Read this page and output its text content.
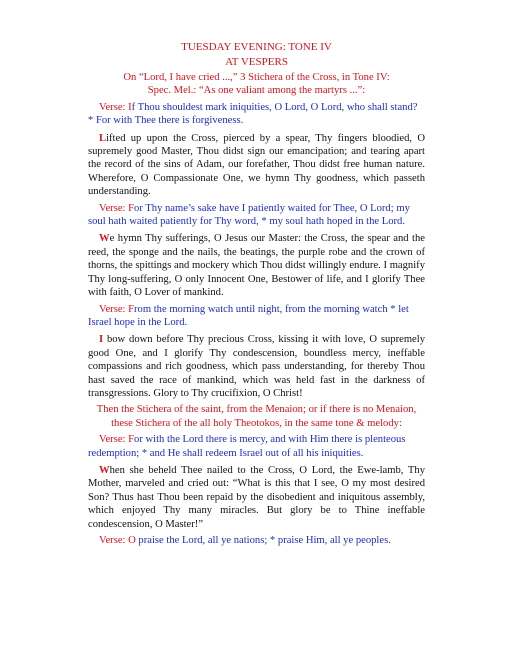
TUESDAY EVENING: TONE IV

AT VESPERS

On “Lord, I have cried ...,” 3 Stichera of the Cross, in Tone IV:

Spec. Mel.: “As one valiant among the martyrs ...”:

Verse: If Thou shouldest mark iniquities, O Lord, O Lord, who shall stand? * For with Thee there is forgiveness.

Lifted up upon the Cross, pierced by a spear, Thy fingers bloodied, O supremely good Master, Thou didst sign our emancipation; and tearing apart the record of the sins of Adam, our forefather, Thou didst free human nature. Wherefore, O Compassionate One, we hymn Thy goodness, which passeth understanding.

Verse: For Thy name’s sake have I patiently waited for Thee, O Lord; my soul hath waited patiently for Thy word, * my soul hath hoped in the Lord.

We hymn Thy sufferings, O Jesus our Master: the Cross, the spear and the reed, the sponge and the nails, the beatings, the purple robe and the crown of thorns, the spittings and mockery which Thou didst willingly endure. I magnify Thy long-suffering, O only Innocent One, Bestower of life, and I glorify Thee with faith, O Lover of mankind.

Verse: From the morning watch until night, from the morning watch * let Israel hope in the Lord.

I bow down before Thy precious Cross, kissing it with love, O supremely good One, and I glorify Thy condescension, boundless mercy, ineffable compassions and rich goodness, which pass understanding, for thereby Thou hast saved the race of mankind, which was held fast in the darkness of transgressions. Glory to Thy crucifixion, O Christ!

Then the Stichera of the saint, from the Menaion; or if there is no Menaion, these Stichera of the all holy Theotokos, in the same tone & melody:

Verse: For with the Lord there is mercy, and with Him there is plenteous redemption; * and He shall redeem Israel out of all his iniquities.

When she beheld Thee nailed to the Cross, O Lord, the Ewe-lamb, Thy Mother, marveled and cried out: “What is this that I see, O my most desired Son? Thus hast Thou been repaid by the disobedient and iniquitous assembly, which enjoyed Thy many miracles. But glory be to Thine ineffable condescension, O Master!”

Verse: O praise the Lord, all ye nations; * praise Him, all ye peoples.
